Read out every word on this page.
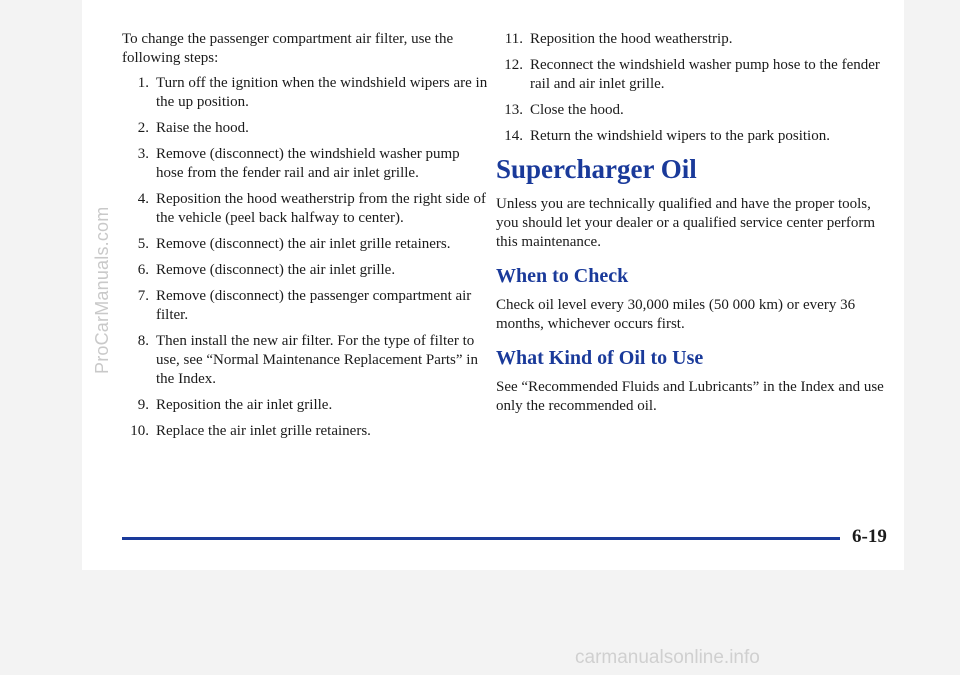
ProCarManuals.com

To change the passenger compartment air filter, use the following steps:

1. Turn off the ignition when the windshield wipers are in the up position.
2. Raise the hood.
3. Remove (disconnect) the windshield washer pump hose from the fender rail and air inlet grille.
4. Reposition the hood weatherstrip from the right side of the vehicle (peel back halfway to center).
5. Remove (disconnect) the air inlet grille retainers.
6. Remove (disconnect) the air inlet grille.
7. Remove (disconnect) the passenger compartment air filter.
8. Then install the new air filter. For the type of filter to use, see “Normal Maintenance Replacement Parts” in the Index.
9. Reposition the air inlet grille.
10. Replace the air inlet grille retainers.
11. Reposition the hood weatherstrip.
12. Reconnect the windshield washer pump hose to the fender rail and air inlet grille.
13. Close the hood.
14. Return the windshield wipers to the park position.
Supercharger Oil

Unless you are technically qualified and have the proper tools, you should let your dealer or a qualified service center perform this maintenance.

When to Check

Check oil level every 30,000 miles (50 000 km) or every 36 months, whichever occurs first.

What Kind of Oil to Use

See “Recommended Fluids and Lubricants” in the Index and use only the recommended oil.

6-19
carmanualsonline.info
